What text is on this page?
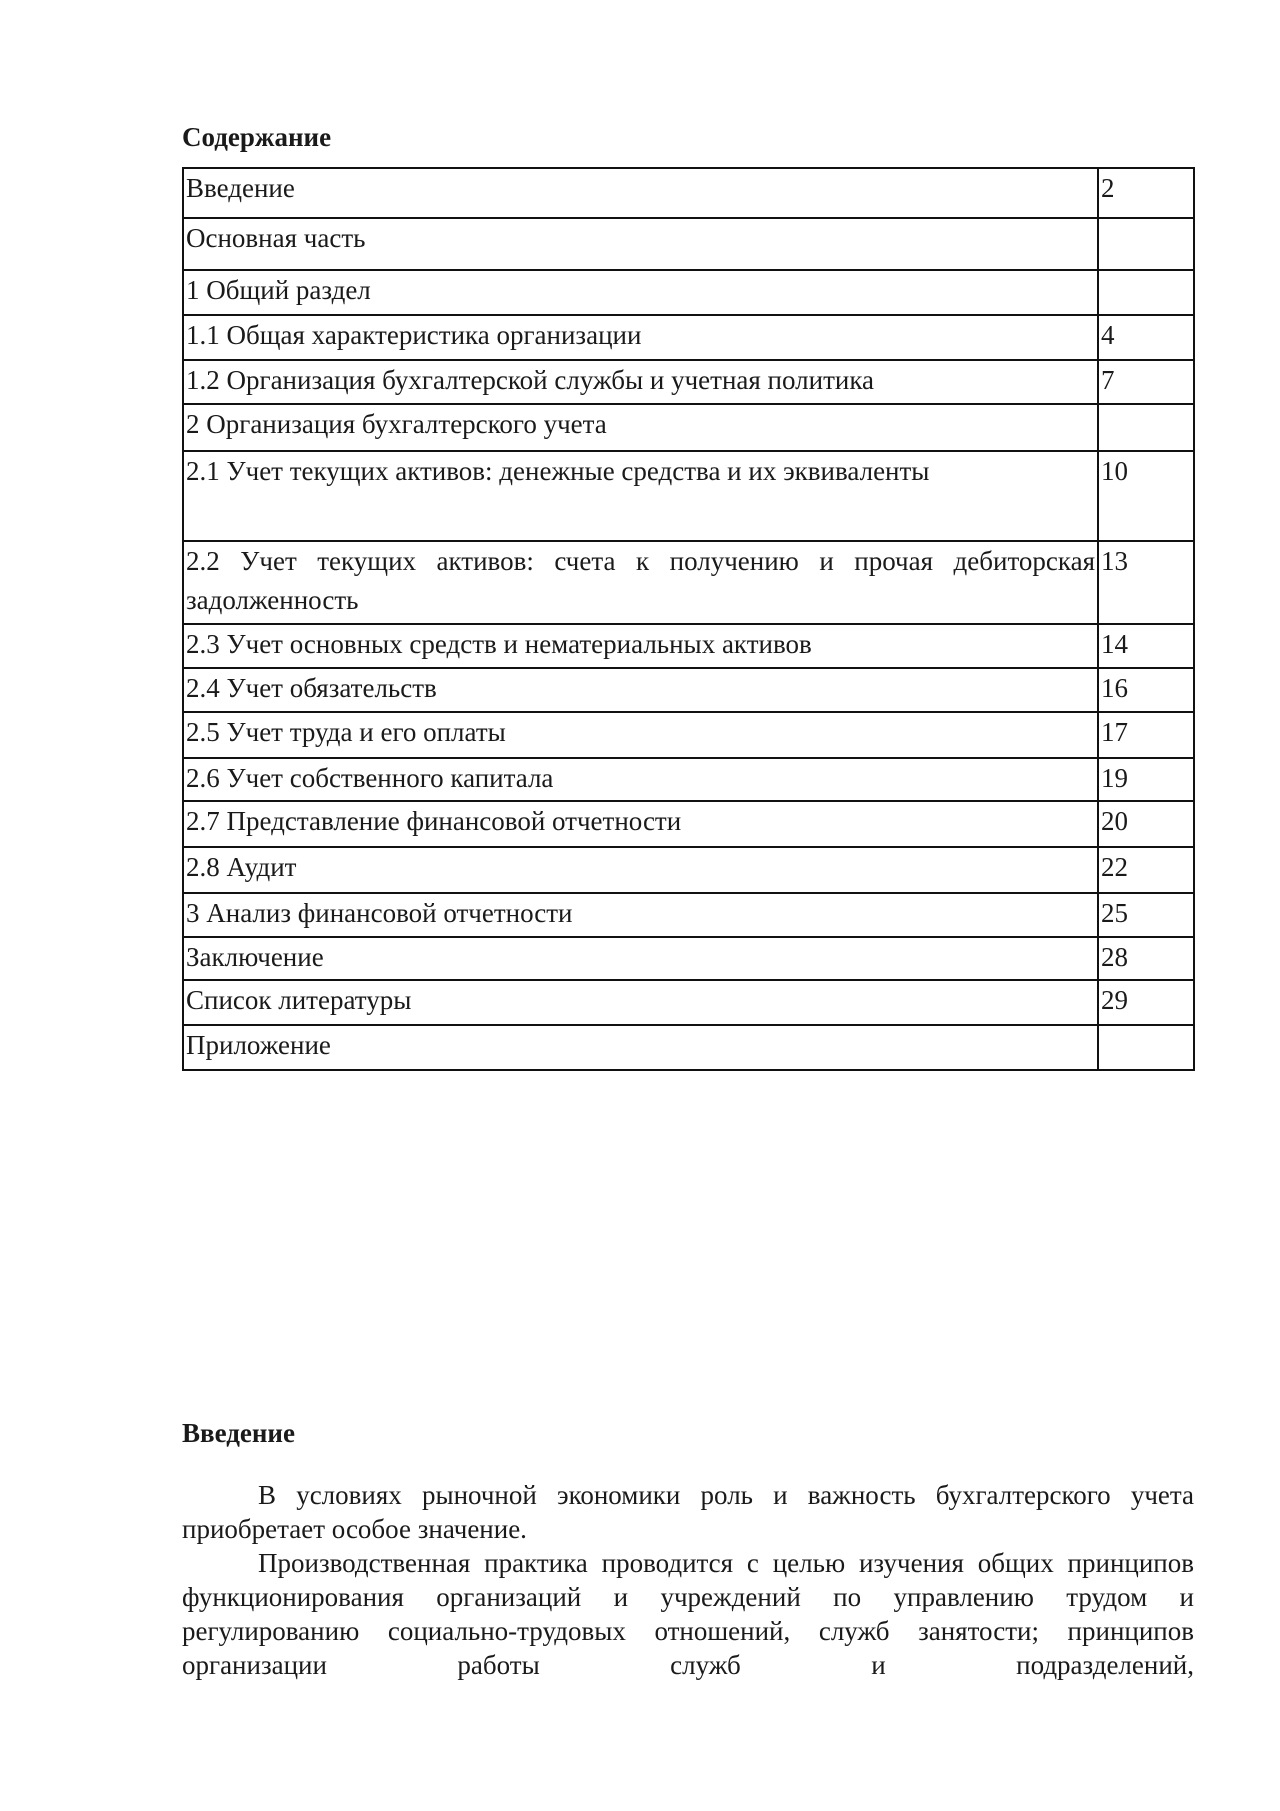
Содержание
Введение	2
Основная часть	
1 Общий раздел	
1.1 Общая характеристика организации	4
1.2 Организация бухгалтерской службы и учетная политика	7
2 Организация бухгалтерского учета	
2.1 Учет текущих активов: денежные средства и их эквиваленты	10
2.2 Учет текущих активов: счета к получению и прочая дебиторская задолженность	13
2.3 Учет основных средств и нематериальных активов	14
2.4 Учет обязательств	16
2.5 Учет труда и его оплаты	17
2.6 Учет собственного капитала	19
2.7 Представление финансовой отчетности	20
2.8 Аудит	22
3 Анализ финансовой отчетности	25
Заключение	28
Список литературы	29
Приложение	
Введение

В условиях рыночной экономики роль и важность бухгалтерского учета приобретает особое значение.

Производственная практика проводится с целью изучения общих принципов функционирования организаций и учреждений по управлению трудом и регулированию социально-трудовых отношений, служб занятости; принципов организации работы служб и подразделений,
